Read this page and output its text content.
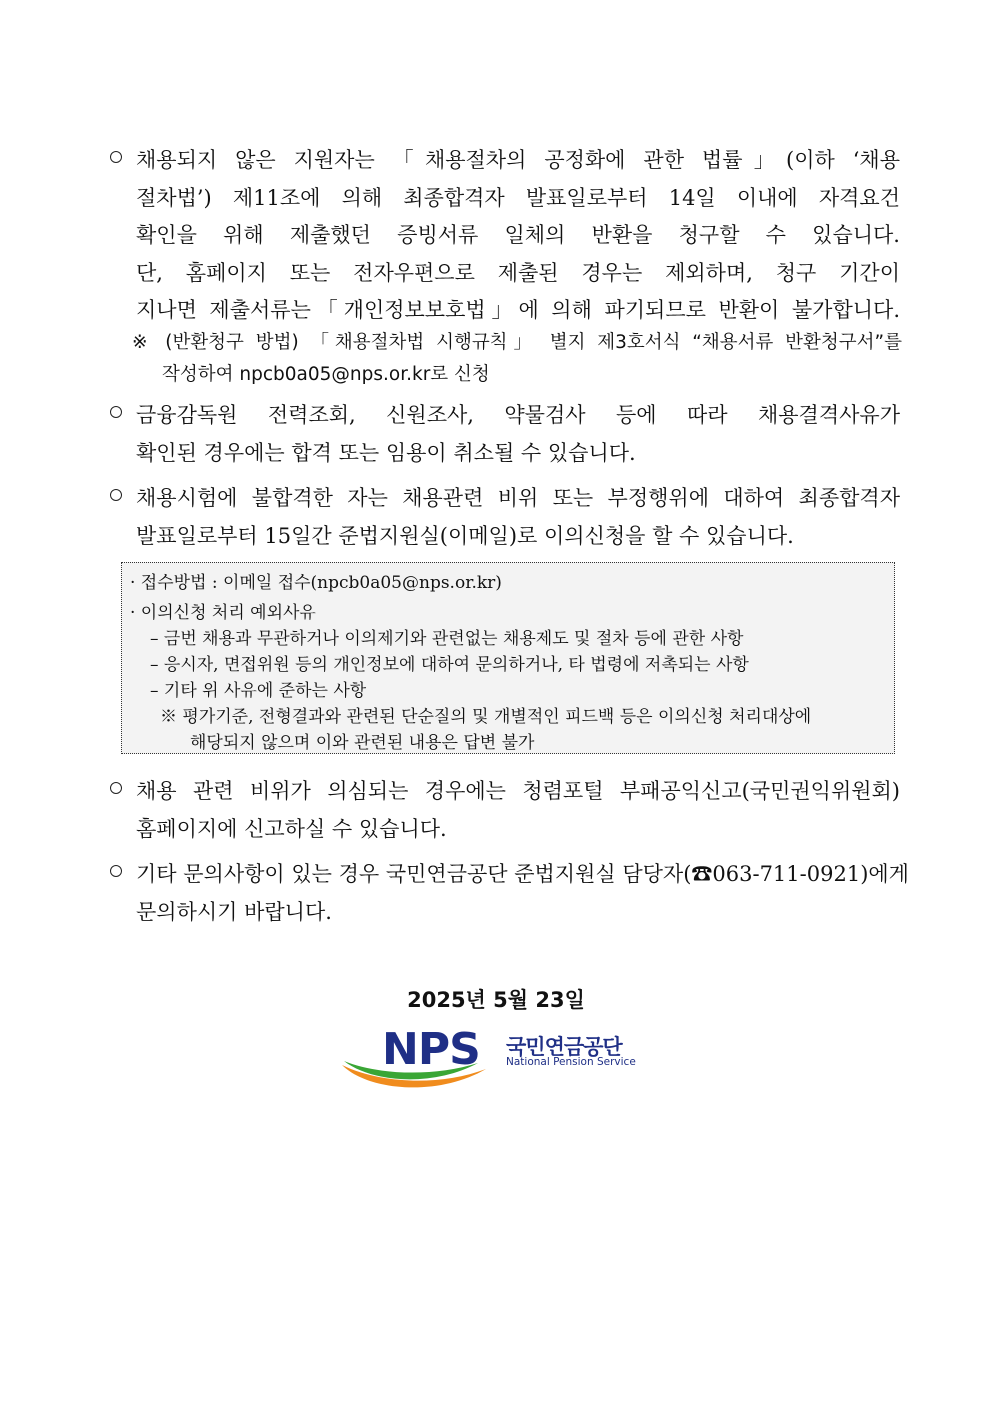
채용되지 않은 지원자는 「채용절차의 공정화에 관한 법률」(이하 ‘채용
절차법’) 제11조에 의해 최종합격자 발표일로부터 14일 이내에 자격요건
확인을 위해 제출했던 증빙서류 일체의 반환을 청구할 수 있습니다.
단, 홈페이지 또는 전자우편으로 제출된 경우는 제외하며, 청구 기간이
지나면 제출서류는「개인정보보호법」에 의해 파기되므로 반환이 불가합니다.
※ (반환청구 방법) 「채용절차법 시행규칙」 별지 제3호서식 “채용서류 반환청구서”를
작성하여 npcb0a05@nps.or.kr로 신청
금융감독원 전력조회, 신원조사, 약물검사 등에 따라 채용결격사유가
확인된 경우에는 합격 또는 임용이 취소될 수 있습니다.
채용시험에 불합격한 자는 채용관련 비위 또는 부정행위에 대하여 최종합격자
발표일로부터 15일간 준법지원실(이메일)로 이의신청을 할 수 있습니다.
· 접수방법 : 이메일 접수(npcb0a05@nps.or.kr)
· 이의신청 처리 예외사유
– 금번 채용과 무관하거나 이의제기와 관련없는 채용제도 및 절차 등에 관한 사항
– 응시자, 면접위원 등의 개인정보에 대하여 문의하거나, 타 법령에 저촉되는 사항
– 기타 위 사유에 준하는 사항
※ 평가기준, 전형결과와 관련된 단순질의 및 개별적인 피드백 등은 이의신청 처리대상에
해당되지 않으며 이와 관련된 내용은 답변 불가
채용 관련 비위가 의심되는 경우에는 청렴포털 부패공익신고(국민권익위원회)
홈페이지에 신고하실 수 있습니다.
기타 문의사항이 있는 경우 국민연금공단 준법지원실 담당자(☎063-711-0921)에게
문의하시기 바랍니다.
2025년 5월 23일
NPS 국민연금공단
National Pension Service
